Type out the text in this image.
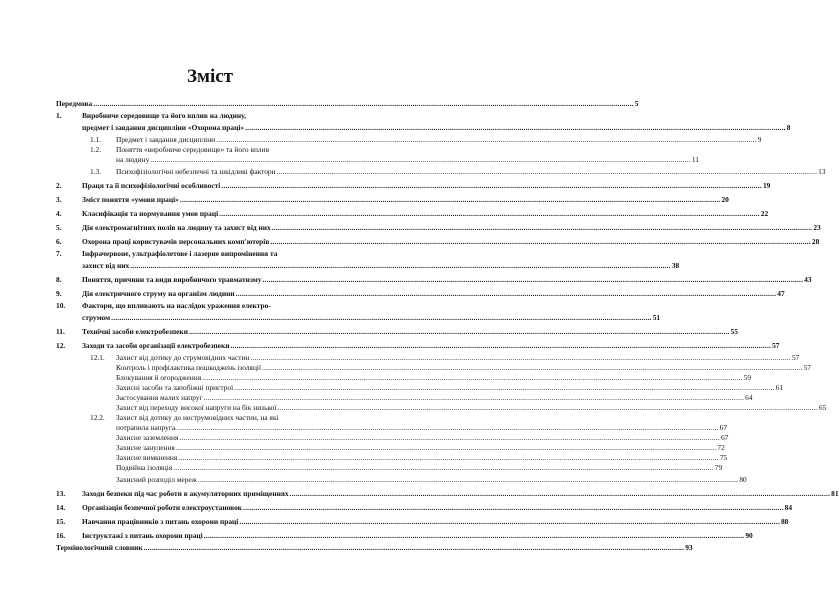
Зміст
Передмова .....	5
1.	Виробниче середовище та його вплив на людину,
предмет і завдання дисципліни «Охорона праці» .....	8
1.1.	Предмет і завдання дисципліни .....	9
1.2.	Поняття «виробниче середовище» та його вплив
на людину .....	11
1.3.	Психофізіологічні небезпечні та шкідливі фактори .....	13
2.	Праця та її психофізіологічні особливості .....	19
3.	Зміст поняття «умови праці» .....	20
4.	Класифікація та нормування умов праці .....	22
5.	Дія електромагнітних полів на людину та захист від них .....	23
6.	Охорона праці користувачів персональних комп'ютерів .....	28
7.	Інфрачервоне, ультрафіолетове і лазерне випромінення та
захист від них .....	38
8.	Поняття, причини та види виробничого травматизму .....	43
9.	Дія електричного струму на організм людини .....	47
10.	Фактори, що впливають на наслідок ураження електро-
струмом .....	51
11.	Технічні засоби електробезпеки .....	55
12.	Заходи та засоби організації електробезпеки .....	57
12.1.	Захист від дотику до струмовідних частин .....	57
Контроль і профілактика пошкоджень ізоляції .....	57
Блокування й огородження .....	59
Захисні засоби та запобіжні пристрої .....	61
Застосування малих напруг .....	64
Захист від переходу високої напруги на бік низької .....	65
12.2.	Захист від дотику до неструмовідних частин, на які
потрапила напруга. .....	67
Захисне заземлення .....	67
Захисне занулення .....	72
Захисне вимкнення .....	75
Подвійна ізоляція .....	79
Захисний розподіл мереж .....	80
13.	Заходи безпеки під час роботи в акумуляторних приміщеннях .....	81
14.	Організація безпечної роботи електроустановок .....	84
15.	Навчання працівників з питань охорони праці .....	88
16.	Інструктажі з питань охорони праці .....	90
Термінологічний словник .....	93
